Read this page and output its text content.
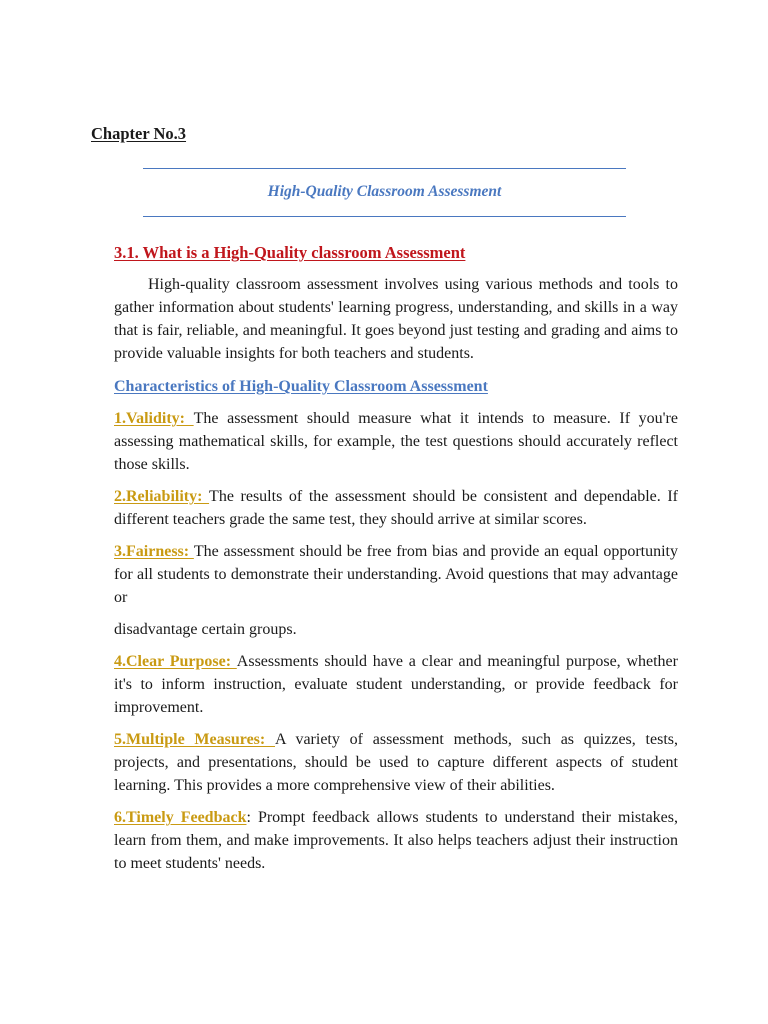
Chapter No.3
High-Quality Classroom Assessment
3.1. What is a High-Quality classroom Assessment

High-quality classroom assessment involves using various methods and tools to gather information about students' learning progress, understanding, and skills in a way that is fair, reliable, and meaningful. It goes beyond just testing and grading and aims to provide valuable insights for both teachers and students.

Characteristics of High-Quality Classroom Assessment

1.Validity: The assessment should measure what it intends to measure. If you're assessing mathematical skills, for example, the test questions should accurately reflect those skills.

2.Reliability: The results of the assessment should be consistent and dependable. If different teachers grade the same test, they should arrive at similar scores.

3.Fairness: The assessment should be free from bias and provide an equal opportunity for all students to demonstrate their understanding. Avoid questions that may advantage or

disadvantage certain groups.

4.Clear Purpose: Assessments should have a clear and meaningful purpose, whether it's to inform instruction, evaluate student understanding, or provide feedback for improvement.

5.Multiple Measures: A variety of assessment methods, such as quizzes, tests, projects, and presentations, should be used to capture different aspects of student learning. This provides a more comprehensive view of their abilities.

6.Timely Feedback: Prompt feedback allows students to understand their mistakes, learn from them, and make improvements. It also helps teachers adjust their instruction to meet students' needs.
